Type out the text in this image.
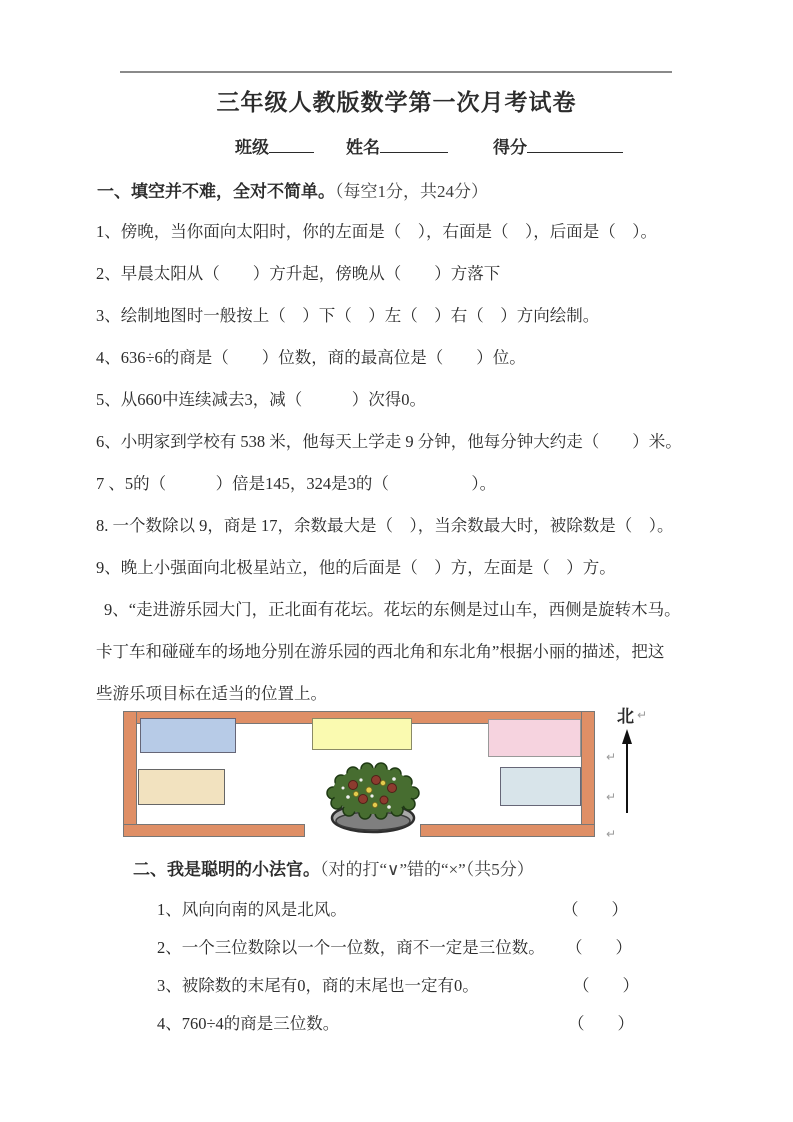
三年级人教版数学第一次月考试卷
班级	姓名	得分
一、填空并不难，全对不简单。（每空1分，共24分）
1、傍晚，当你面向太阳时，你的左面是（　），右面是（　），后面是（　）。
2、早晨太阳从（　　）方升起，傍晚从（　　）方落下
3、绘制地图时一般按上（　）下（　）左（　）右（　）方向绘制。
4、636÷6的商是（　　）位数，商的最高位是（　　）位。
5、从660中连续减去3，减（　　　）次得0。
6、小明家到学校有 538 米，他每天上学走 9 分钟，他每分钟大约走（　　）米。
7 、5的（　　　）倍是145，324是3的（　　　　　）。
8. 一个数除以 9，商是 17，余数最大是（　），当余数最大时，被除数是（　）。
9、晚上小强面向北极星站立，他的后面是（　）方，左面是（　）方。
9、“走进游乐园大门，正北面有花坛。花坛的东侧是过山车，西侧是旋转木马。
卡丁车和碰碰车的场地分别在游乐园的西北角和东北角”根据小丽的描述，把这
些游乐项目标在适当的位置上。
北 ↵
↵
↵
↵
二、我是聪明的小法官。（对的打“∨”错的“×”（共5分）
1、风向向南的风是北风。	（　　）
2、一个三位数除以一个一位数，商不一定是三位数。 （　　）
3、被除数的末尾有0，商的末尾也一定有0。	（　　）
4、760÷4的商是三位数。	（　　）
